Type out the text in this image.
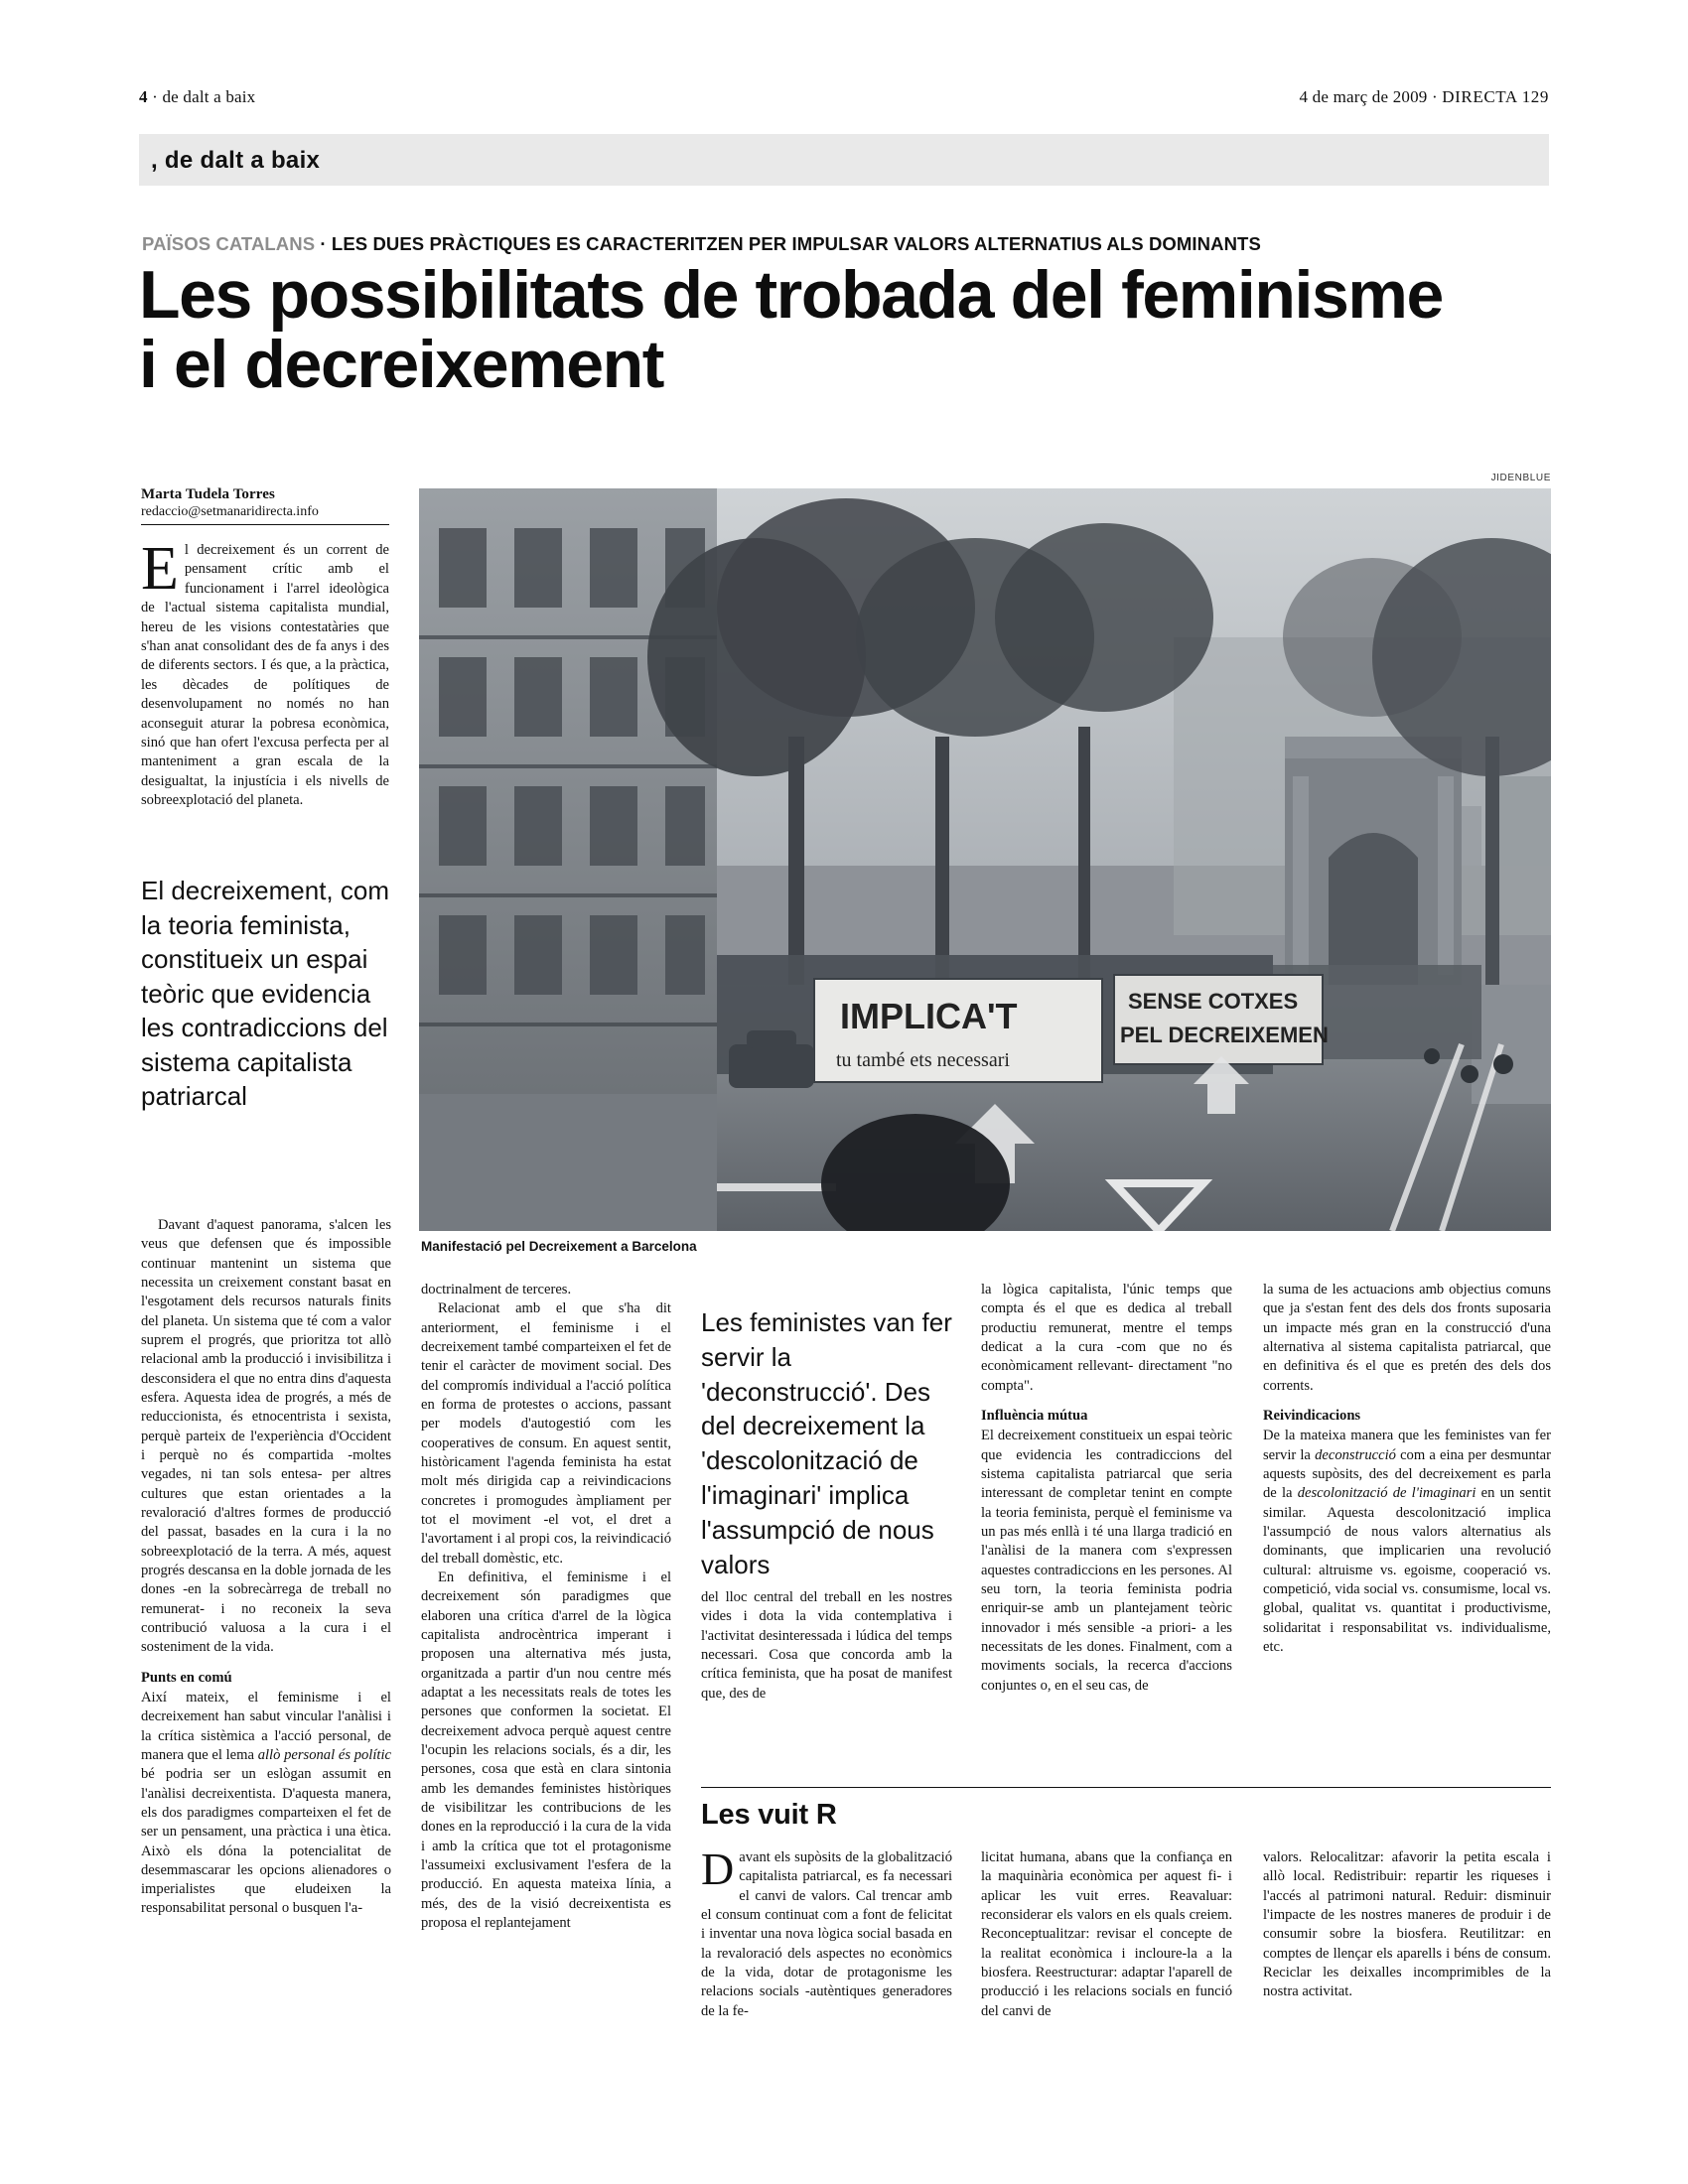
4 · de dalt a baix	4 de març de 2009 · DIRECTA 129
, de dalt a baix
PAÏSOS CATALANS · LES DUES PRÀCTIQUES ES CARACTERITZEN PER IMPULSAR VALORS ALTERNATIUS ALS DOMINANTS
Les possibilitats de trobada del feminisme i el decreixement
Marta Tudela Torres
redaccio@setmanaridirecta.info
El decreixement és un corrent de pensament crític amb el funcionament i l'arrel ideològica de l'actual sistema capitalista mundial, hereu de les visions contestatàries que s'han anat consolidant des de fa anys i des de diferents sectors. I és que, a la pràctica, les dècades de polítiques de desenvolupament no només no han aconseguit aturar la pobresa econòmica, sinó que han ofert l'excusa perfecta per al manteniment a gran escala de la desigualtat, la injustícia i els nivells de sobreexplotació del planeta.
El decreixement, com la teoria feminista, constitueix un espai teòric que evidencia les contradiccions del sistema capitalista patriarcal
JIDENBLUE
IMPLICA'T
tu també ets necessari
SENSE COTXES
PEL DECREIXEMEN
Manifestació pel Decreixement a Barcelona

Davant d'aquest panorama, s'alcen les veus que defensen que és impossible continuar mantenint un sistema que necessita un creixement constant basat en l'esgotament dels recursos naturals finits del planeta. Un sistema que té com a valor suprem el progrés, que prioritza tot allò relacional amb la producció i invisibilitza i desconsidera el que no entra dins d'aquesta esfera. Aquesta idea de progrés, a més de reduccionista, és etnocentrista i sexista, perquè parteix de l'experiència d'Occident i perquè no és compartida -moltes vegades, ni tan sols entesa- per altres cultures que estan orientades a la revaloració d'altres formes de producció del passat, basades en la cura i la no sobreexplotació de la terra. A més, aquest progrés descansa en la doble jornada de les dones -en la sobrecàrrega de treball no remunerat- i no reconeix la seva contribució valuosa a la cura i el sosteniment de la vida.

Punts en comú

Així mateix, el feminisme i el decreixement han sabut vincular l'anàlisi i la crítica sistèmica a l'acció personal, de manera que el lema allò personal és polític bé podria ser un eslògan assumit en l'anàlisi decreixentista. D'aquesta manera, els dos paradigmes comparteixen el fet de ser un pensament, una pràctica i una ètica. Això els dóna la potencialitat de desemmascarar les opcions alienadores o imperialistes que eludeixen la responsabilitat personal o busquen l'a-

doctrinalment de terceres.

Relacionat amb el que s'ha dit anteriorment, el feminisme i el decreixement també comparteixen el fet de tenir el caràcter de moviment social. Des del compromís individual a l'acció política en forma de protestes o accions, passant per models d'autogestió com les cooperatives de consum. En aquest sentit, històricament l'agenda feminista ha estat molt més dirigida cap a reivindicacions concretes i promogudes àmpliament per tot el moviment -el vot, el dret a l'avortament i al propi cos, la reivindicació del treball domèstic, etc.

En definitiva, el feminisme i el decreixement són paradigmes que elaboren una crítica d'arrel de la lògica capitalista androcèntrica imperant i proposen una alternativa més justa, organitzada a partir d'un nou centre més adaptat a les necessitats reals de totes les persones que conformen la societat. El decreixement advoca perquè aquest centre l'ocupin les relacions socials, és a dir, les persones, cosa que està en clara sintonia amb les demandes feministes històriques de visibilitzar les contribucions de les dones en la reproducció i la cura de la vida i amb la crítica que tot el protagonisme l'assumeixi exclusivament l'esfera de la producció. En aquesta mateixa línia, a més, des de la visió decreixentista es proposa el replantejament

Les feministes van fer servir la 'deconstrucció'. Des del decreixement la 'descolonització de l'imaginari' implica l'assumpció de nous valors

del lloc central del treball en les nostres vides i dota la vida contemplativa i l'activitat desinteressada i lúdica del temps necessari. Cosa que concorda amb la crítica feminista, que ha posat de manifest que, des de

la lògica capitalista, l'únic temps que compta és el que es dedica al treball productiu remunerat, mentre el temps dedicat a la cura -com que no és econòmicament rellevant- directament "no compta".

Influència mútua

El decreixement constitueix un espai teòric que evidencia les contradiccions del sistema capitalista patriarcal que seria interessant de completar tenint en compte la teoria feminista, perquè el feminisme va un pas més enllà i té una llarga tradició en l'anàlisi de la manera com s'expressen aquestes contradiccions en les persones. Al seu torn, la teoria feminista podria enriquir-se amb un plantejament teòric innovador i més sensible -a priori- a les necessitats de les dones. Finalment, com a moviments socials, la recerca d'accions conjuntes o, en el seu cas, de

la suma de les actuacions amb objectius comuns que ja s'estan fent des dels dos fronts suposaria un impacte més gran en la construcció d'una alternativa al sistema capitalista patriarcal, que en definitiva és el que es pretén des dels dos corrents.

Reivindicacions

De la mateixa manera que les feministes van fer servir la deconstrucció com a eina per desmuntar aquests supòsits, des del decreixement es parla de la descolonització de l'imaginari en un sentit similar. Aquesta descolonització implica l'assumpció de nous valors alternatius als dominants, que implicarien una revolució cultural: altruisme vs. egoisme, cooperació vs. competició, vida social vs. consumisme, local vs. global, qualitat vs. quantitat i productivisme, solidaritat i responsabilitat vs. individualisme, etc.

Les vuit R

Davant els supòsits de la globalització capitalista patriarcal, es fa necessari el canvi de valors. Cal trencar amb el consum continuat com a font de felicitat i inventar una nova lògica social basada en la revaloració dels aspectes no econòmics de la vida, dotar de protagonisme les relacions socials -autèntiques generadores de la fe-

licitat humana, abans que la confiança en la maquinària econòmica per aquest fi- i aplicar les vuit erres. Reavaluar: reconsiderar els valors en els quals creiem. Reconceptualitzar: revisar el concepte de la realitat econòmica i incloure-la a la biosfera. Reestructurar: adaptar l'aparell de producció i les relacions socials en funció del canvi de

valors. Relocalitzar: afavorir la petita escala i allò local. Redistribuir: repartir les riqueses i l'accés al patrimoni natural. Reduir: disminuir l'impacte de les nostres maneres de produir i de consumir sobre la biosfera. Reutilitzar: en comptes de llençar els aparells i béns de consum. Reciclar les deixalles incomprimibles de la nostra activitat.
